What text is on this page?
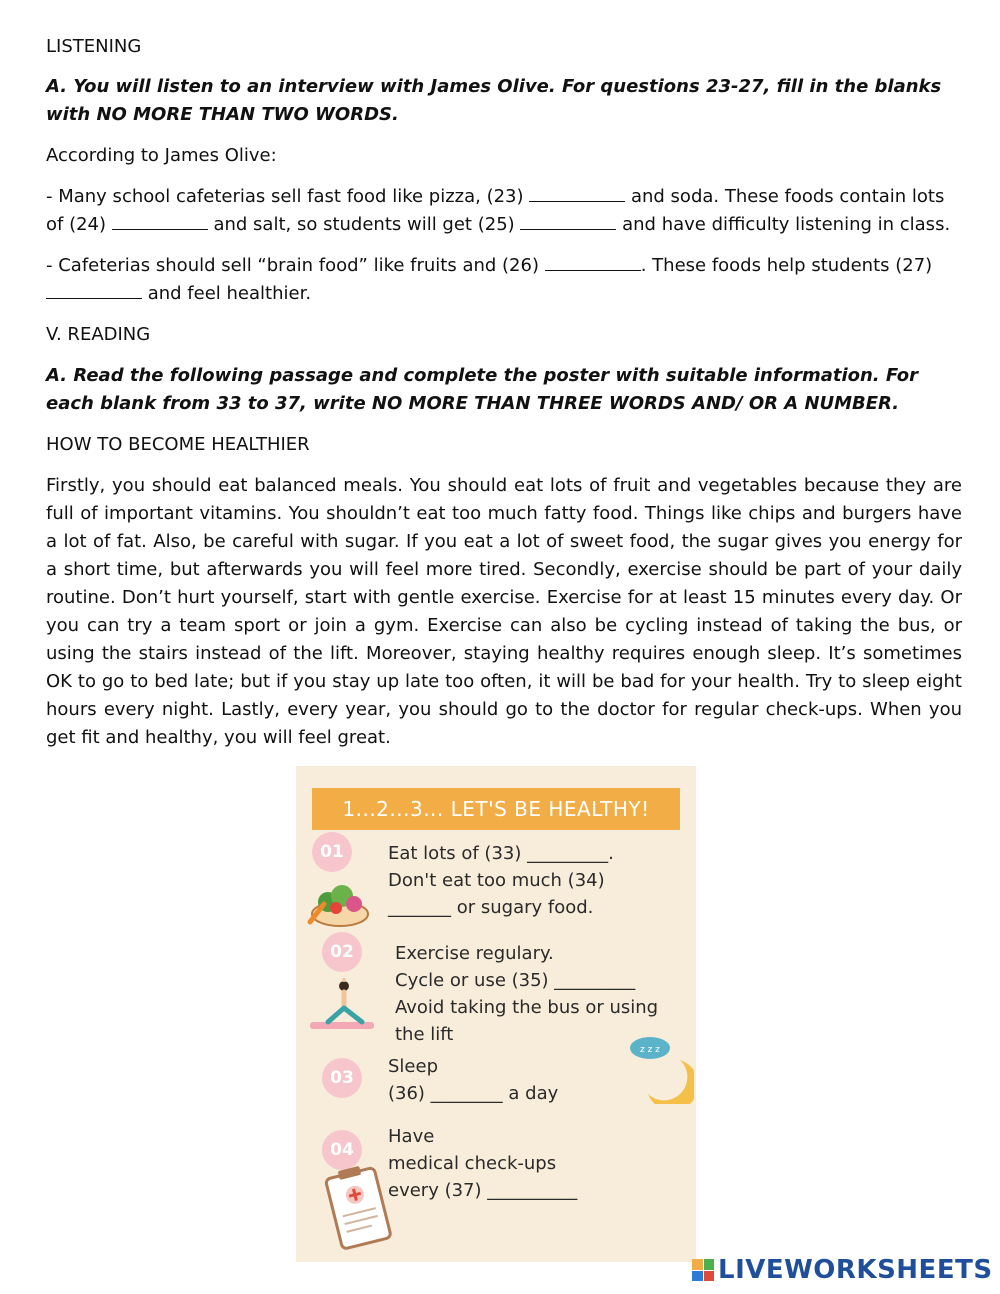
LISTENING
A. You will listen to an interview with James Olive. For questions 23-27, fill in the blanks with NO MORE THAN TWO WORDS.
According to James Olive:
- Many school cafeterias sell fast food like pizza, (23)	and soda. These foods contain lots of (24)	and salt, so students will get (25)	and have difficulty listening in class.
- Cafeterias should sell “brain food” like fruits and (26)	. These foods help students (27)  and feel healthier.
V. READING
A. Read the following passage and complete the poster with suitable information. For each blank from 33 to 37, write NO MORE THAN THREE WORDS AND/ OR A NUMBER.
HOW TO BECOME HEALTHIER
Firstly, you should eat balanced meals. You should eat lots of fruit and vegetables because they are full of important vitamins. You shouldn’t eat too much fatty food. Things like chips and burgers have a lot of fat. Also, be careful with sugar. If you eat a lot of sweet food, the sugar gives you energy for a short time, but afterwards you will feel more tired. Secondly, exercise should be part of your daily routine. Don’t hurt yourself, start with gentle exercise. Exercise for at least 15 minutes every day. Or you can try a team sport or join a gym. Exercise can also be cycling instead of taking the bus, or using the stairs instead of the lift. Moreover, staying healthy requires enough sleep. It’s sometimes OK to go to bed late; but if you stay up late too often, it will be bad for your health. Try to sleep eight hours every night. Lastly, every year, you should go to the doctor for regular check-ups. When you get fit and healthy, you will feel great.
1...2...3... LET'S BE HEALTHY!
01	Eat lots of (33) _________.
Don't eat too much (34)
_______ or sugary food.
02	Exercise regulary.
Cycle or use (35) _________
Avoid taking the bus or using
the lift
03
Sleep
(36) ________ a day
z z z
04
Have
medical check-ups
every (37) __________
LIVEWORKSHEETS
